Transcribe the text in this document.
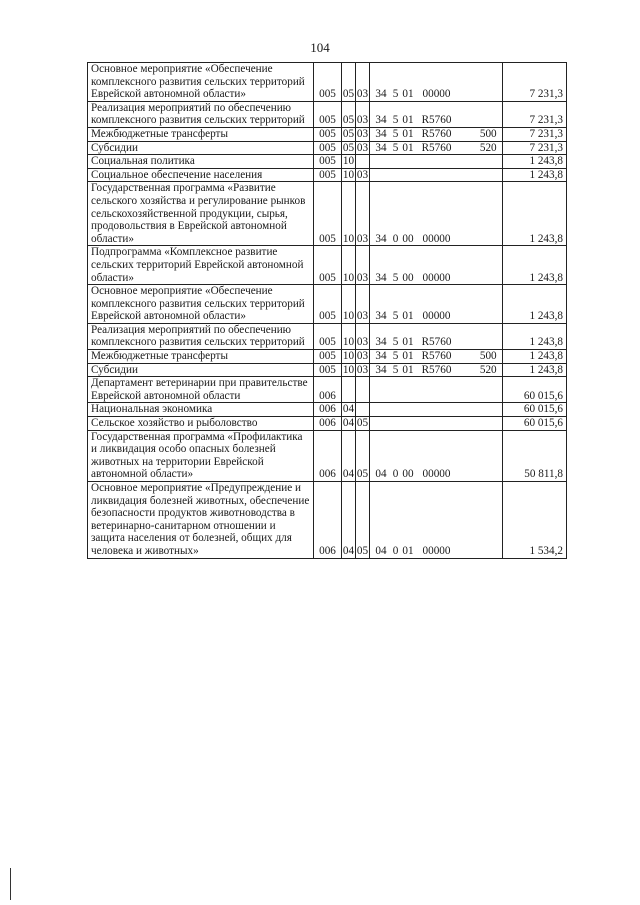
104
Основное мероприятие «Обеспечение комплексного развития сельских территорий Еврейской автономной области»	005	05	03	34 5 01 00000		7 231,3
Реализация мероприятий по обеспечению комплексного развития сельских территорий	005	05	03	34 5 01 R5760		7 231,3
Межбюджетные трансферты	005	05	03	34 5 01 R5760	500	7 231,3
Субсидии	005	05	03	34 5 01 R5760	520	7 231,3
Социальная политика	005	10				1 243,8
Социальное обеспечение населения	005	10	03			1 243,8
Государственная программа «Развитие сельского хозяйства и регулирование рынков сельскохозяйственной продукции, сырья, продовольствия в Еврейской автономной области»	005	10	03	34 0 00 00000		1 243,8
Подпрограмма «Комплексное развитие сельских территорий Еврейской автономной области»	005	10	03	34 5 00 00000		1 243,8
Основное мероприятие «Обеспечение комплексного развития сельских территорий Еврейской автономной области»	005	10	03	34 5 01 00000		1 243,8
Реализация мероприятий по обеспечению комплексного развития сельских территорий	005	10	03	34 5 01 R5760		1 243,8
Межбюджетные трансферты	005	10	03	34 5 01 R5760	500	1 243,8
Субсидии	005	10	03	34 5 01 R5760	520	1 243,8
Департамент ветеринарии при правительстве Еврейской автономной области	006					60 015,6
Национальная экономика	006	04				60 015,6
Сельское хозяйство и рыболовство	006	04	05			60 015,6
Государственная программа «Профилактика и ликвидация особо опасных болезней животных на территории Еврейской автономной области»	006	04	05	04 0 00 00000		50 811,8
Основное мероприятие «Предупреждение и ликвидация болезней животных, обеспечение безопасности продуктов животноводства в ветеринарно-санитарном отношении и защита населения от болезней, общих для человека и животных»	006	04	05	04 0 01 00000		1 534,2
